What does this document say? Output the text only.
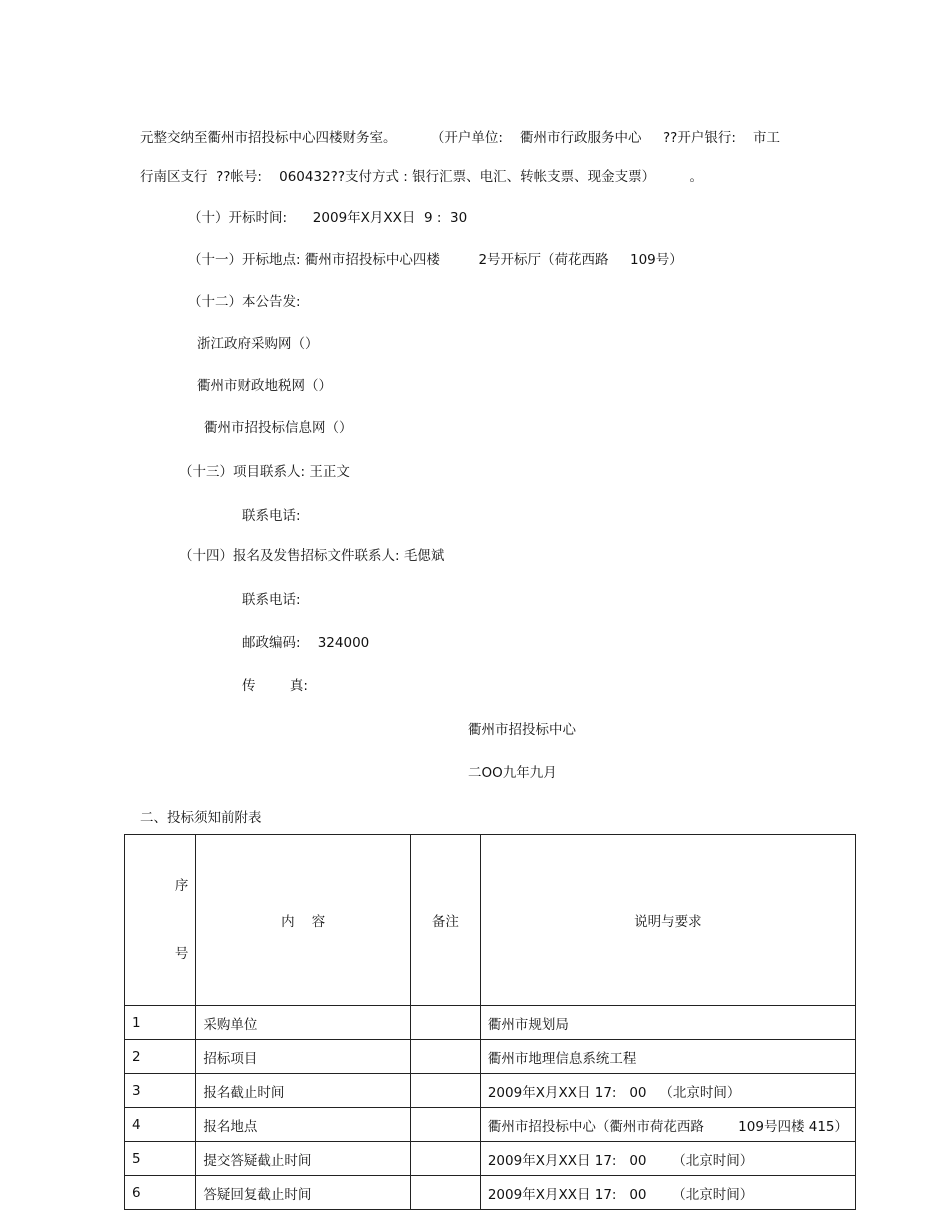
元整交纳至衢州市招投标中心四楼财务室。        （开户单位:    衢州市行政服务中心     ??开户银行:    市工
行南区支行  ??帐号:    060432??支付方式 : 银行汇票、电汇、转帐支票、现金支票）        。
（十）开标时间:      2009年X月XX日  9 :  30
（十一）开标地点: 衢州市招投标中心四楼         2号开标厅（荷花西路     109号）
（十二）本公告发:
浙江政府采购网（）
衢州市财政地税网（）
衢州市招投标信息网（）
（十三）项目联系人: 王正文
联系电话:
（十四）报名及发售招标文件联系人: 毛偲斌
联系电话:
邮政编码:    324000
传        真:
衢州市招投标中心
二OO九年九月
二、投标须知前附表

序

号	内    容	备注	说明与要求
1	采购单位		衢州市规划局
2	招标项目		衢州市地理信息系统工程
3	报名截止时间		2009年X月XX日 17:   00   （北京时间）
4	报名地点		衢州市招投标中心（衢州市荷花西路        109号四楼 415）
5	提交答疑截止时间		2009年X月XX日 17:   00      （北京时间）
6	答疑回复截止时间		2009年X月XX日 17:   00      （北京时间）
